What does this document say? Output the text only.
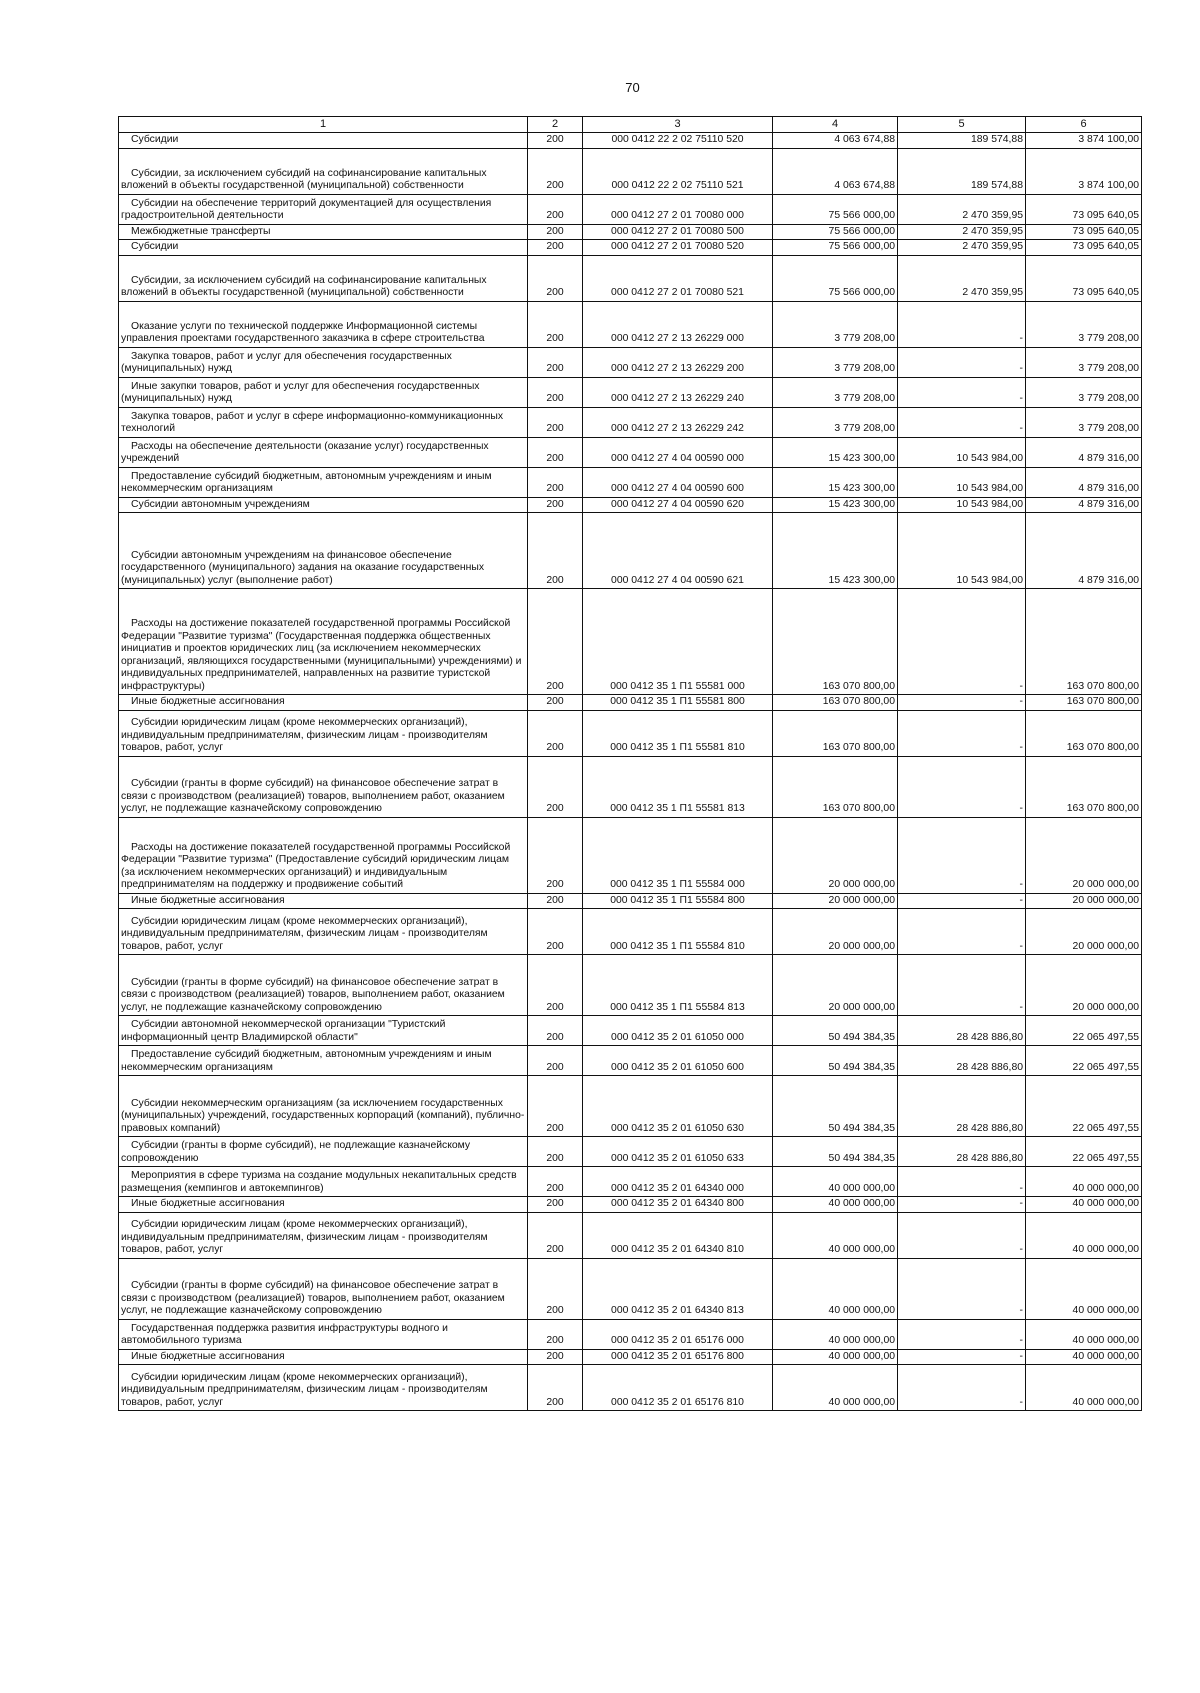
70
1	2	3	4	5	6
Субсидии	200	000 0412 22 2 02 75110 520	4 063 674,88	189 574,88	3 874 100,00
Субсидии, за исключением субсидий на софинансирование капитальных вложений в объекты государственной (муниципальной) собственности	200	000 0412 22 2 02 75110 521	4 063 674,88	189 574,88	3 874 100,00
Субсидии на обеспечение территорий документацией для осуществления градостроительной деятельности	200	000 0412 27 2 01 70080 000	75 566 000,00	2 470 359,95	73 095 640,05
Межбюджетные трансферты	200	000 0412 27 2 01 70080 500	75 566 000,00	2 470 359,95	73 095 640,05
Субсидии	200	000 0412 27 2 01 70080 520	75 566 000,00	2 470 359,95	73 095 640,05
Субсидии, за исключением субсидий на софинансирование капитальных вложений в объекты государственной (муниципальной) собственности	200	000 0412 27 2 01 70080 521	75 566 000,00	2 470 359,95	73 095 640,05
Оказание услуги по технической поддержке Информационной системы управления проектами государственного заказчика в сфере строительства	200	000 0412 27 2 13 26229 000	3 779 208,00	-	3 779 208,00
Закупка товаров, работ и услуг для обеспечения государственных (муниципальных) нужд	200	000 0412 27 2 13 26229 200	3 779 208,00	-	3 779 208,00
Иные закупки товаров, работ и услуг для обеспечения государственных (муниципальных) нужд	200	000 0412 27 2 13 26229 240	3 779 208,00	-	3 779 208,00
Закупка товаров, работ и услуг в сфере информационно-коммуникационных технологий	200	000 0412 27 2 13 26229 242	3 779 208,00	-	3 779 208,00
Расходы на обеспечение деятельности (оказание услуг) государственных учреждений	200	000 0412 27 4 04 00590 000	15 423 300,00	10 543 984,00	4 879 316,00
Предоставление субсидий бюджетным, автономным учреждениям и иным некоммерческим организациям	200	000 0412 27 4 04 00590 600	15 423 300,00	10 543 984,00	4 879 316,00
Субсидии автономным учреждениям	200	000 0412 27 4 04 00590 620	15 423 300,00	10 543 984,00	4 879 316,00
Субсидии автономным учреждениям на финансовое обеспечение государственного (муниципального) задания на оказание государственных (муниципальных) услуг (выполнение работ)	200	000 0412 27 4 04 00590 621	15 423 300,00	10 543 984,00	4 879 316,00
Расходы на достижение показателей государственной программы Российской Федерации "Развитие туризма" (Государственная поддержка общественных инициатив и проектов юридических лиц (за исключением некоммерческих организаций, являющихся государственными (муниципальными) учреждениями) и индивидуальных предпринимателей, направленных на развитие туристской инфраструктуры)	200	000 0412 35 1 П1 55581 000	163 070 800,00	-	163 070 800,00
Иные бюджетные ассигнования	200	000 0412 35 1 П1 55581 800	163 070 800,00	-	163 070 800,00
Субсидии юридическим лицам (кроме некоммерческих организаций), индивидуальным предпринимателям, физическим лицам - производителям товаров, работ, услуг	200	000 0412 35 1 П1 55581 810	163 070 800,00	-	163 070 800,00
Субсидии (гранты в форме субсидий) на финансовое обеспечение затрат в связи с производством (реализацией) товаров, выполнением работ, оказанием услуг, не подлежащие казначейскому сопровождению	200	000 0412 35 1 П1 55581 813	163 070 800,00	-	163 070 800,00
Расходы на достижение показателей государственной программы Российской Федерации "Развитие туризма" (Предоставление субсидий юридическим лицам (за исключением некоммерческих организаций) и индивидуальным предпринимателям на поддержку и продвижение событий	200	000 0412 35 1 П1 55584 000	20 000 000,00	-	20 000 000,00
Иные бюджетные ассигнования	200	000 0412 35 1 П1 55584 800	20 000 000,00	-	20 000 000,00
Субсидии юридическим лицам (кроме некоммерческих организаций), индивидуальным предпринимателям, физическим лицам - производителям товаров, работ, услуг	200	000 0412 35 1 П1 55584 810	20 000 000,00	-	20 000 000,00
Субсидии (гранты в форме субсидий) на финансовое обеспечение затрат в связи с производством (реализацией) товаров, выполнением работ, оказанием услуг, не подлежащие казначейскому сопровождению	200	000 0412 35 1 П1 55584 813	20 000 000,00	-	20 000 000,00
Субсидии автономной некоммерческой организации "Туристский информационный центр Владимирской области"	200	000 0412 35 2 01 61050 000	50 494 384,35	28 428 886,80	22 065 497,55
Предоставление субсидий бюджетным, автономным учреждениям и иным некоммерческим организациям	200	000 0412 35 2 01 61050 600	50 494 384,35	28 428 886,80	22 065 497,55
Субсидии некоммерческим организациям (за исключением государственных (муниципальных) учреждений, государственных корпораций (компаний), публично-правовых компаний)	200	000 0412 35 2 01 61050 630	50 494 384,35	28 428 886,80	22 065 497,55
Субсидии (гранты в форме субсидий), не подлежащие казначейскому сопровождению	200	000 0412 35 2 01 61050 633	50 494 384,35	28 428 886,80	22 065 497,55
Мероприятия в сфере туризма на создание модульных некапитальных средств размещения (кемпингов и автокемпингов)	200	000 0412 35 2 01 64340 000	40 000 000,00	-	40 000 000,00
Иные бюджетные ассигнования	200	000 0412 35 2 01 64340 800	40 000 000,00	-	40 000 000,00
Субсидии юридическим лицам (кроме некоммерческих организаций), индивидуальным предпринимателям, физическим лицам - производителям товаров, работ, услуг	200	000 0412 35 2 01 64340 810	40 000 000,00	-	40 000 000,00
Субсидии (гранты в форме субсидий) на финансовое обеспечение затрат в связи с производством (реализацией) товаров, выполнением работ, оказанием услуг, не подлежащие казначейскому сопровождению	200	000 0412 35 2 01 64340 813	40 000 000,00	-	40 000 000,00
Государственная поддержка развития инфраструктуры водного и автомобильного туризма	200	000 0412 35 2 01 65176 000	40 000 000,00	-	40 000 000,00
Иные бюджетные ассигнования	200	000 0412 35 2 01 65176 800	40 000 000,00	-	40 000 000,00
Субсидии юридическим лицам (кроме некоммерческих организаций), индивидуальным предпринимателям, физическим лицам - производителям товаров, работ, услуг	200	000 0412 35 2 01 65176 810	40 000 000,00	-	40 000 000,00
